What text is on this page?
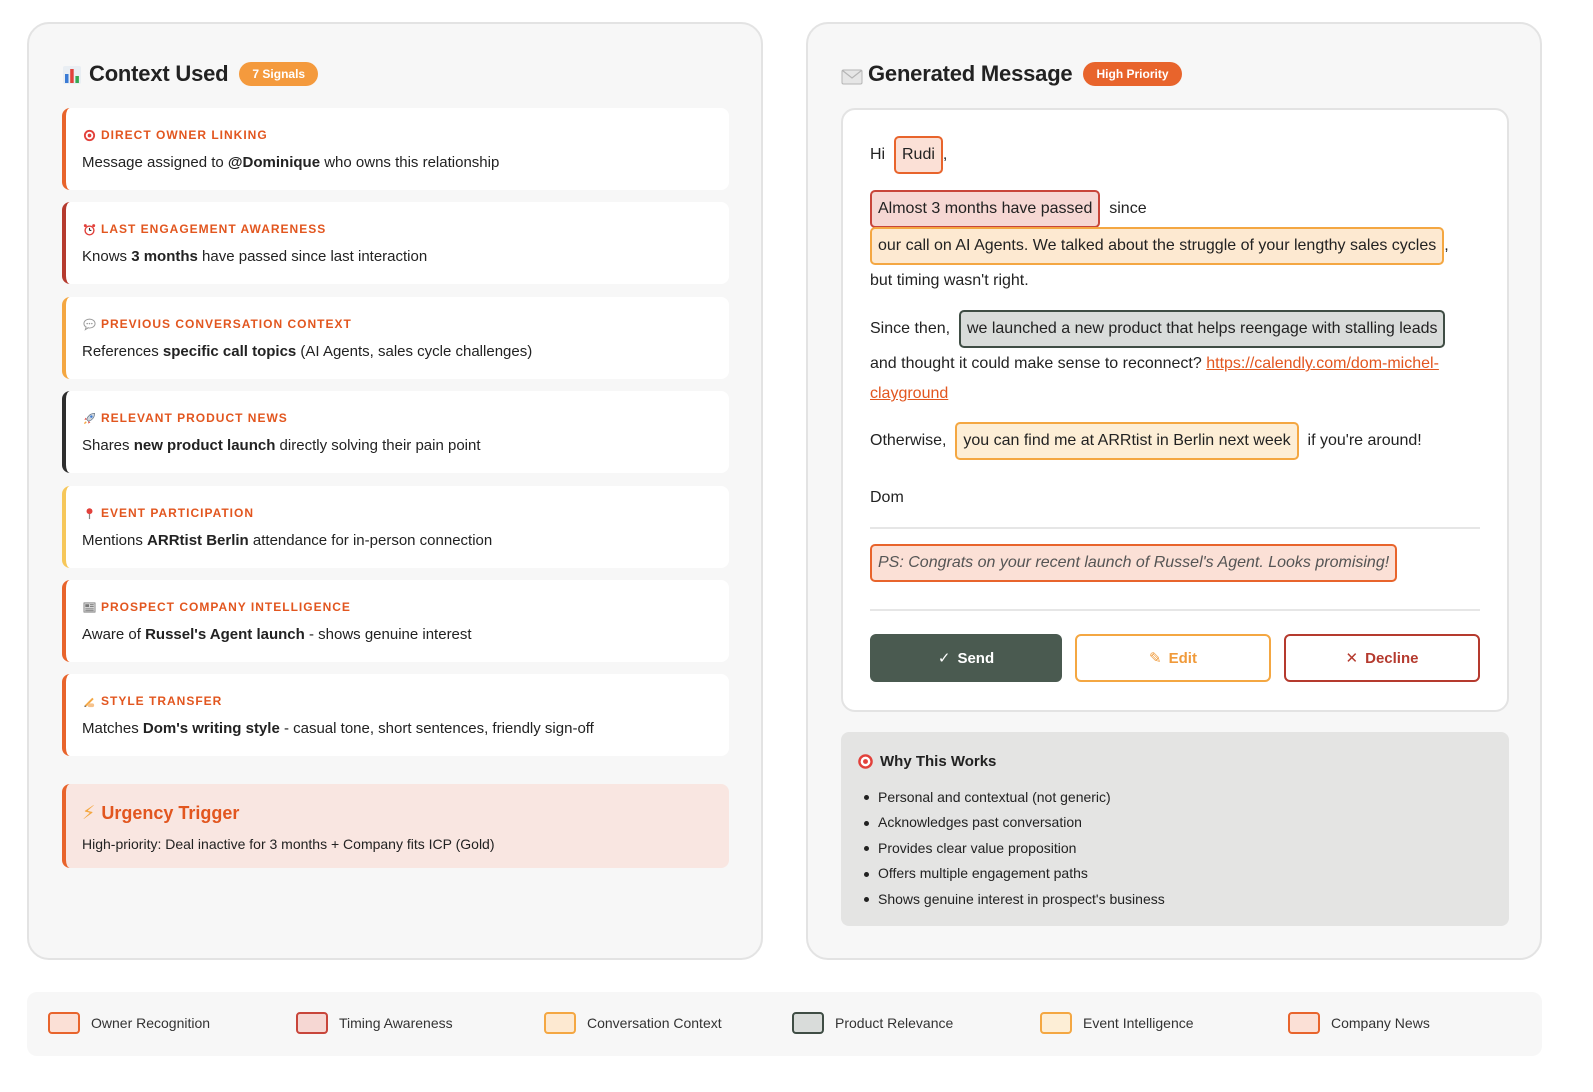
Context Used	7 Signals
DIRECT OWNER LINKING
Message assigned to @Dominique who owns this relationship
LAST ENGAGEMENT AWARENESS
Knows 3 months have passed since last interaction
PREVIOUS CONVERSATION CONTEXT
References specific call topics (AI Agents, sales cycle challenges)
RELEVANT PRODUCT NEWS
Shares new product launch directly solving their pain point
EVENT PARTICIPATION
Mentions ARRtist Berlin attendance for in-person connection
PROSPECT COMPANY INTELLIGENCE
Aware of Russel's Agent launch - shows genuine interest
STYLE TRANSFER
Matches Dom's writing style - casual tone, short sentences, friendly sign-off
⚡ Urgency Trigger
High-priority: Deal inactive for 3 months + Company fits ICP (Gold)
Generated Message	High Priority
Hi
	Rudi ,
Almost 3 months have passed
	since
our call on AI Agents. We talked about the struggle of your lengthy sales cycles ,
but timing wasn't right.
Since then,
	we launched a new product that helps reengage with stalling leads
and thought it could make sense to reconnect?
https://calendly.com/dom-michel-
clayground
Otherwise,
	you can find me at ARRtist in Berlin next week
	if you're around!
Dom
PS: Congrats on your recent launch of Russel's Agent. Looks promising!
✓ Send	✎ Edit	✕ Decline
Why This Works
Personal and contextual (not generic)
Acknowledges past conversation
Provides clear value proposition
Offers multiple engagement paths
Shows genuine interest in prospect's business
Owner Recognition	Timing Awareness	Conversation Context	Product Relevance	Event Intelligence	Company News
